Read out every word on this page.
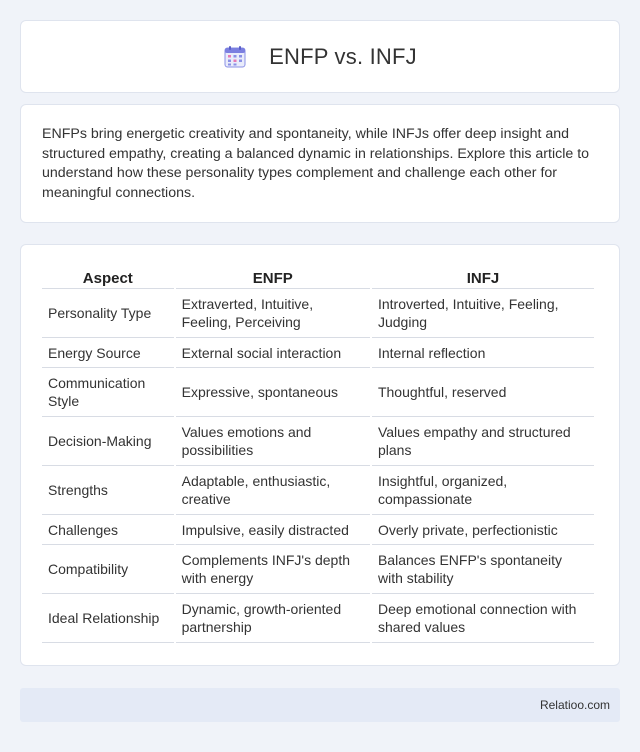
ENFP vs. INFJ

ENFPs bring energetic creativity and spontaneity, while INFJs offer deep insight and structured empathy, creating a balanced dynamic in relationships. Explore this article to understand how these personality types complement and challenge each other for meaningful connections.

Aspect	ENFP	INFJ
Personality Type	Extraverted, Intuitive, Feeling, Perceiving	Introverted, Intuitive, Feeling, Judging
Energy Source	External social interaction	Internal reflection
Communication Style	Expressive, spontaneous	Thoughtful, reserved
Decision-Making	Values emotions and possibilities	Values empathy and structured plans
Strengths	Adaptable, enthusiastic, creative	Insightful, organized, compassionate
Challenges	Impulsive, easily distracted	Overly private, perfectionistic
Compatibility	Complements INFJ's depth with energy	Balances ENFP's spontaneity with stability
Ideal Relationship	Dynamic, growth-oriented partnership	Deep emotional connection with shared values
Relatioo.com
